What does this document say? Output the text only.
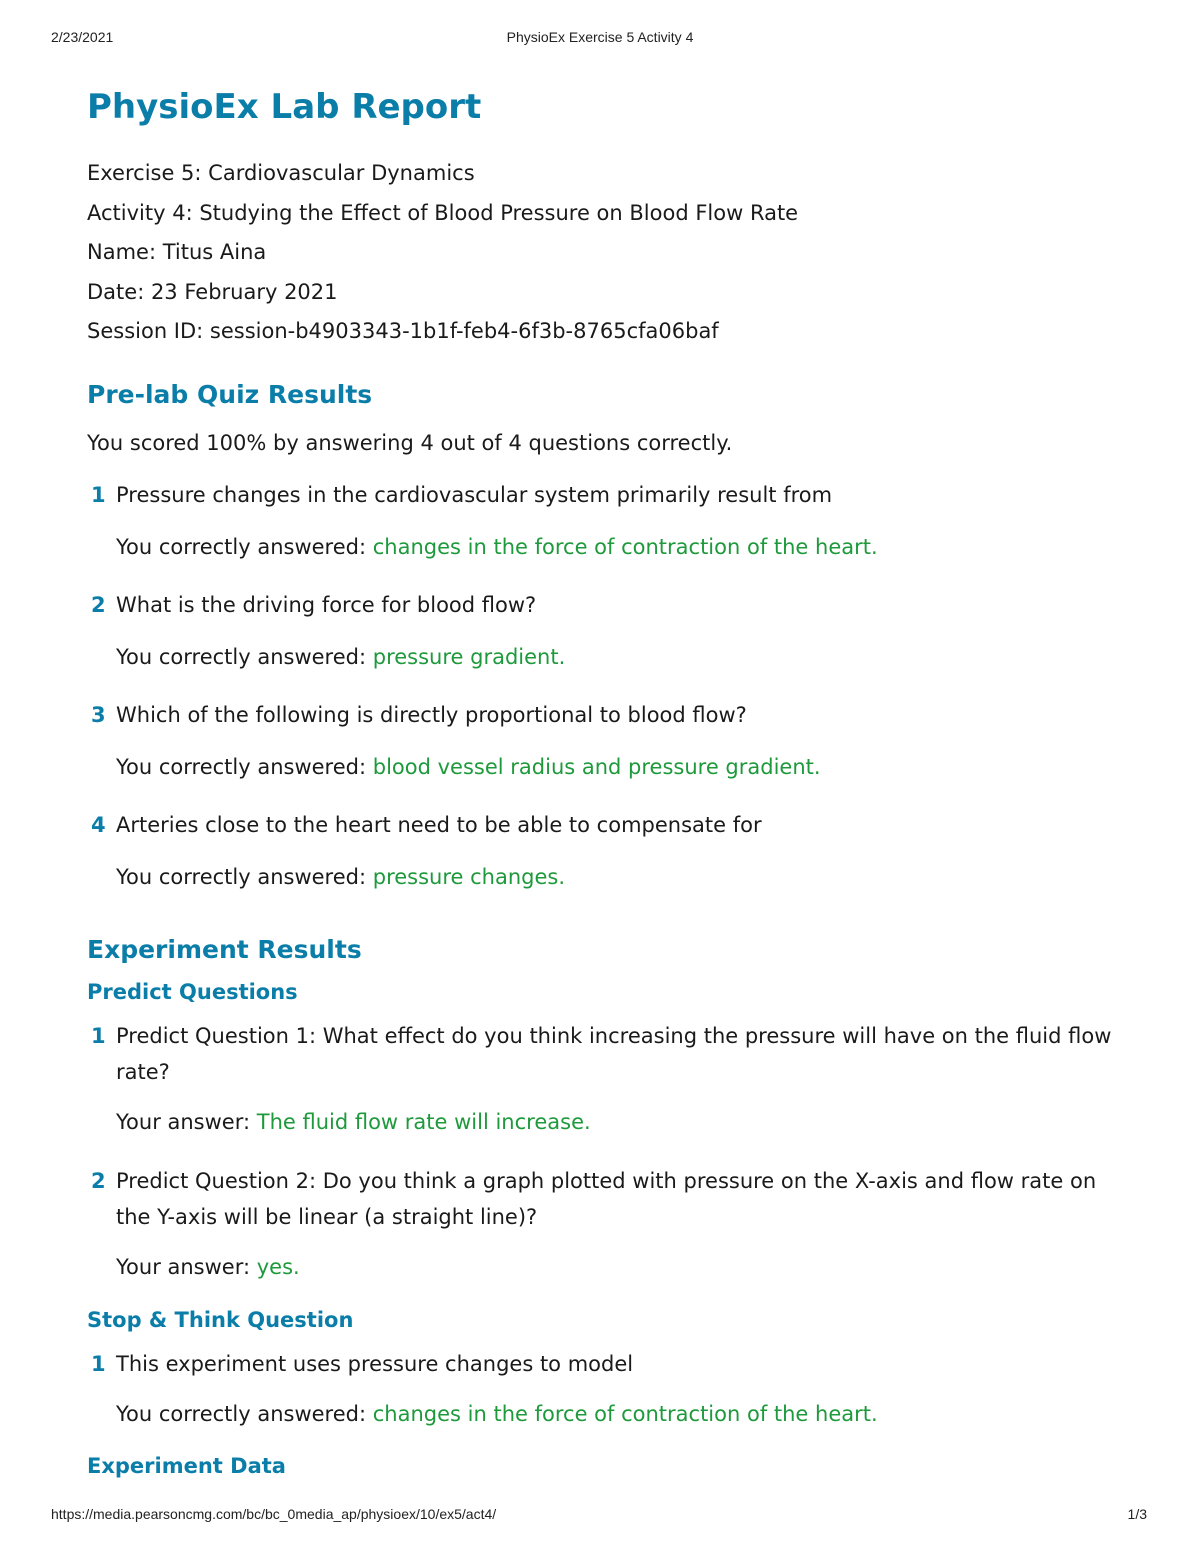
2/23/2021	PhysioEx Exercise 5 Activity 4
PhysioEx Lab Report
Exercise 5: Cardiovascular Dynamics
Activity 4: Studying the Effect of Blood Pressure on Blood Flow Rate
Name: Titus Aina
Date: 23 February 2021
Session ID: session-b4903343-1b1f-feb4-6f3b-8765cfa06baf
Pre-lab Quiz Results
You scored 100% by answering 4 out of 4 questions correctly.
1 Pressure changes in the cardiovascular system primarily result from
You correctly answered: changes in the force of contraction of the heart.
2 What is the driving force for blood flow?
You correctly answered: pressure gradient.
3 Which of the following is directly proportional to blood flow?
You correctly answered: blood vessel radius and pressure gradient.
4 Arteries close to the heart need to be able to compensate for
You correctly answered: pressure changes.
Experiment Results
Predict Questions
1 Predict Question 1: What effect do you think increasing the pressure will have on the fluid flow rate?
Your answer: The fluid flow rate will increase.
2 Predict Question 2: Do you think a graph plotted with pressure on the X-axis and flow rate on the Y-axis will be linear (a straight line)?
Your answer: yes.
Stop & Think Question
1 This experiment uses pressure changes to model
You correctly answered: changes in the force of contraction of the heart.
Experiment Data
https://media.pearsoncmg.com/bc/bc_0media_ap/physioex/10/ex5/act4/	1/3
